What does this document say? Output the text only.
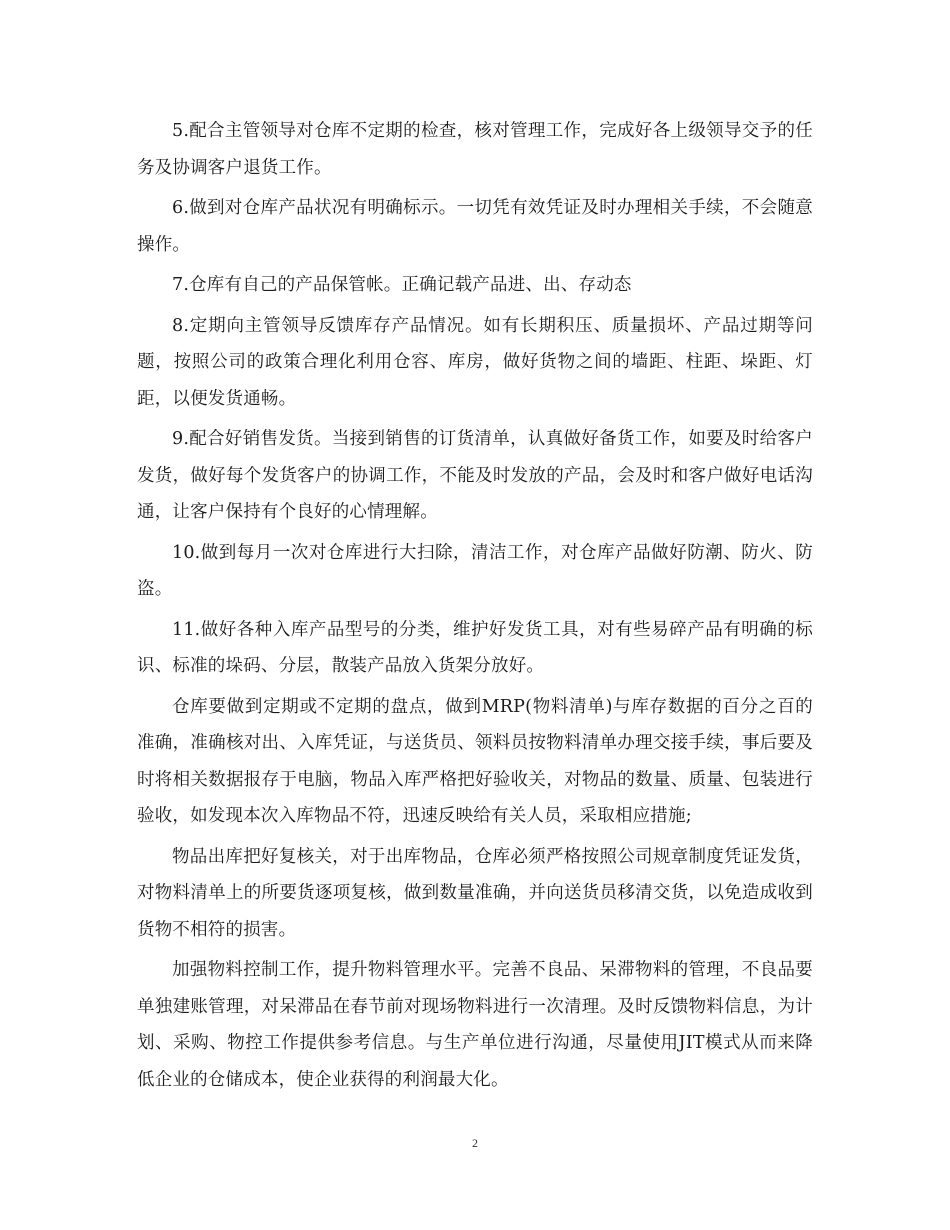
5.配合主管领导对仓库不定期的检查，核对管理工作，完成好各上级领导交予的任务及协调客户退货工作。

6.做到对仓库产品状况有明确标示。一切凭有效凭证及时办理相关手续，不会随意操作。

7.仓库有自己的产品保管帐。正确记载产品进、出、存动态

8.定期向主管领导反馈库存产品情况。如有长期积压、质量损坏、产品过期等问题，按照公司的政策合理化利用仓容、库房，做好货物之间的墙距、柱距、垛距、灯距，以便发货通畅。

9.配合好销售发货。当接到销售的订货清单，认真做好备货工作，如要及时给客户发货，做好每个发货客户的协调工作，不能及时发放的产品，会及时和客户做好电话沟通，让客户保持有个良好的心情理解。

10.做到每月一次对仓库进行大扫除，清洁工作，对仓库产品做好防潮、防火、防盗。

11.做好各种入库产品型号的分类，维护好发货工具，对有些易碎产品有明确的标识、标准的垛码、分层，散装产品放入货架分放好。

仓库要做到定期或不定期的盘点，做到MRP(物料清单)与库存数据的百分之百的准确，准确核对出、入库凭证，与送货员、领料员按物料清单办理交接手续，事后要及时将相关数据报存于电脑，物品入库严格把好验收关，对物品的数量、质量、包装进行验收，如发现本次入库物品不符，迅速反映给有关人员，采取相应措施;

物品出库把好复核关，对于出库物品，仓库必须严格按照公司规章制度凭证发货，对物料清单上的所要货逐项复核，做到数量准确，并向送货员移清交货，以免造成收到货物不相符的损害。

加强物料控制工作，提升物料管理水平。完善不良品、呆滞物料的管理，不良品要单独建账管理，对呆滞品在春节前对现场物料进行一次清理。及时反馈物料信息，为计划、采购、物控工作提供参考信息。与生产单位进行沟通，尽量使用JIT模式从而来降低企业的仓储成本，使企业获得的利润最大化。

2
